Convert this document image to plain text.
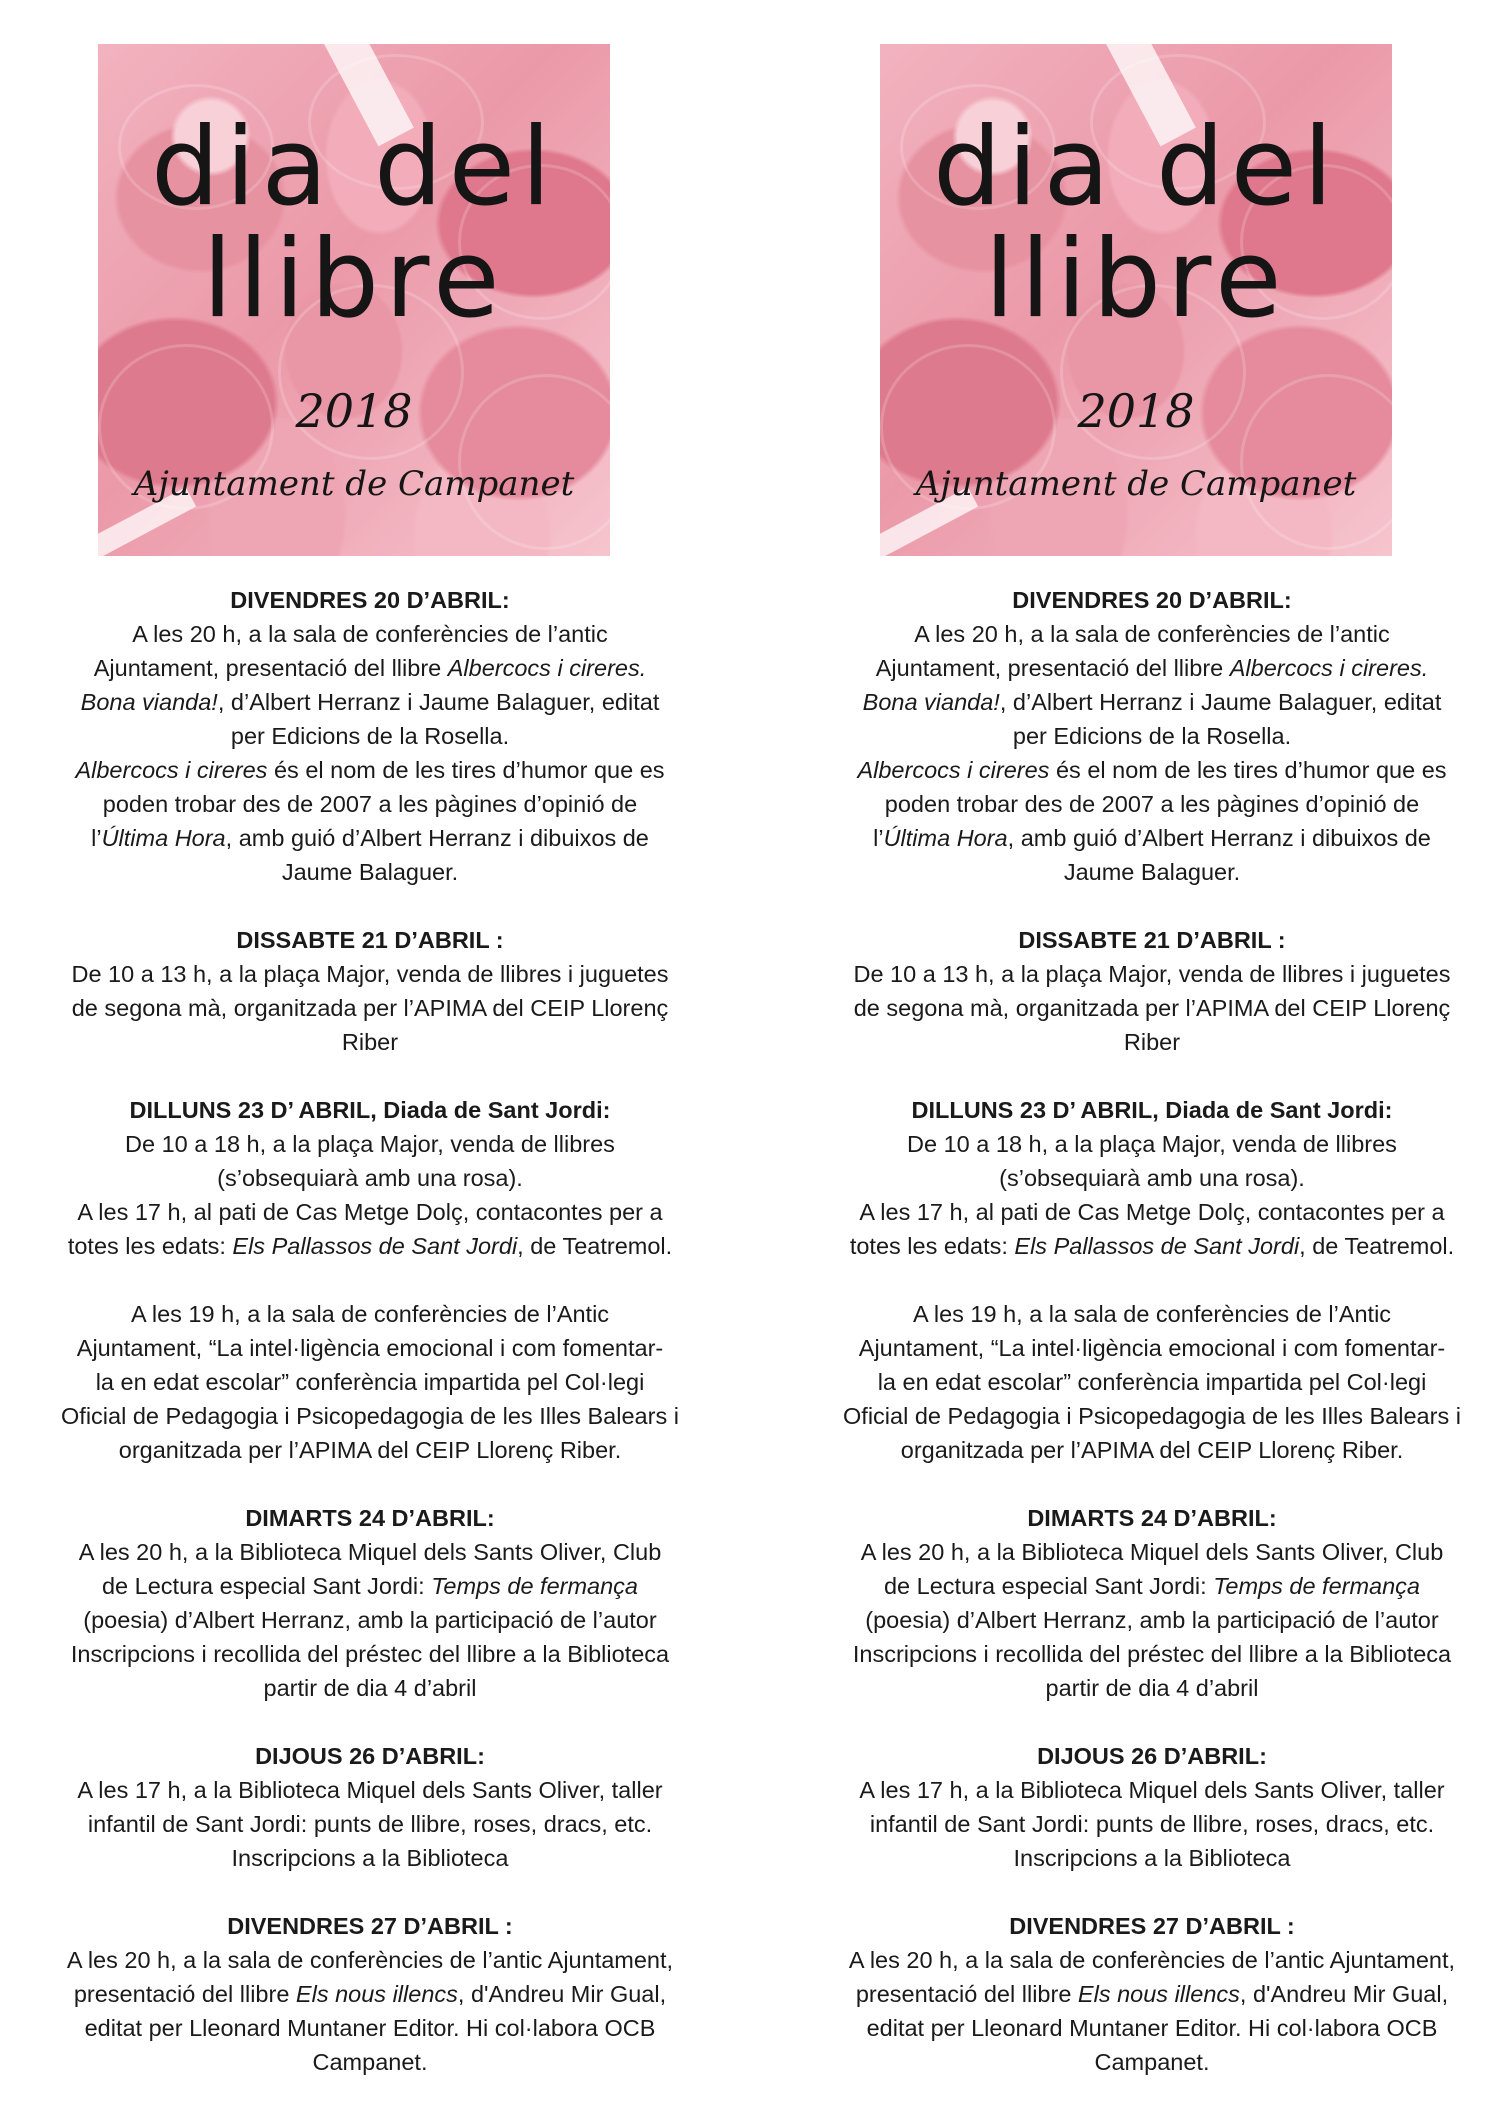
dia del
llibre
2018
Ajuntament de Campanet

DIVENDRES 20 D’ABRIL:

A les 20 h, a la sala de conferències de l’antic

Ajuntament, presentació del llibre Albercocs i cireres.

Bona vianda!, d’Albert Herranz i Jaume Balaguer, editat

per Edicions de la Rosella.

Albercocs i cireres és el nom de les tires d’humor que es

poden trobar des de 2007 a les pàgines d’opinió de

l’Última Hora, amb guió d’Albert Herranz i dibuixos de

Jaume Balaguer.

DISSABTE 21 D’ABRIL :

De 10 a 13 h, a la plaça Major, venda de llibres i juguetes

de segona mà, organitzada per l’APIMA del CEIP Llorenç

Riber

DILLUNS 23 D’ ABRIL, Diada de Sant Jordi:

De 10 a 18 h, a la plaça Major, venda de llibres

(s’obsequiarà amb una rosa).

A les 17 h, al pati de Cas Metge Dolç, contacontes per a

totes les edats: Els Pallassos de Sant Jordi, de Teatremol.

A les 19 h, a la sala de conferències de l’Antic

Ajuntament, “La intel·ligència emocional i com fomentar-

la en edat escolar” conferència impartida pel Col·legi

Oficial de Pedagogia i Psicopedagogia de les Illes Balears i

organitzada per l’APIMA del CEIP Llorenç Riber.

DIMARTS 24 D’ABRIL:

A les 20 h, a la Biblioteca Miquel dels Sants Oliver, Club

de Lectura especial Sant Jordi: Temps de fermança

(poesia) d’Albert Herranz, amb la participació de l’autor

Inscripcions i recollida del préstec del llibre a la Biblioteca

partir de dia 4 d’abril

DIJOUS 26 D’ABRIL:

A les 17 h, a la Biblioteca Miquel dels Sants Oliver, taller

infantil de Sant Jordi: punts de llibre, roses, dracs, etc.

Inscripcions a la Biblioteca

DIVENDRES 27 D’ABRIL :

A les 20 h, a la sala de conferències de l’antic Ajuntament,

presentació del llibre Els nous illencs, d'Andreu Mir Gual,

editat per Lleonard Muntaner Editor. Hi col·labora OCB

Campanet.

dia del
llibre
2018
Ajuntament de Campanet

DIVENDRES 20 D’ABRIL:

A les 20 h, a la sala de conferències de l’antic

Ajuntament, presentació del llibre Albercocs i cireres.

Bona vianda!, d’Albert Herranz i Jaume Balaguer, editat

per Edicions de la Rosella.

Albercocs i cireres és el nom de les tires d’humor que es

poden trobar des de 2007 a les pàgines d’opinió de

l’Última Hora, amb guió d’Albert Herranz i dibuixos de

Jaume Balaguer.

DISSABTE 21 D’ABRIL :

De 10 a 13 h, a la plaça Major, venda de llibres i juguetes

de segona mà, organitzada per l’APIMA del CEIP Llorenç

Riber

DILLUNS 23 D’ ABRIL, Diada de Sant Jordi:

De 10 a 18 h, a la plaça Major, venda de llibres

(s’obsequiarà amb una rosa).

A les 17 h, al pati de Cas Metge Dolç, contacontes per a

totes les edats: Els Pallassos de Sant Jordi, de Teatremol.

A les 19 h, a la sala de conferències de l’Antic

Ajuntament, “La intel·ligència emocional i com fomentar-

la en edat escolar” conferència impartida pel Col·legi

Oficial de Pedagogia i Psicopedagogia de les Illes Balears i

organitzada per l’APIMA del CEIP Llorenç Riber.

DIMARTS 24 D’ABRIL:

A les 20 h, a la Biblioteca Miquel dels Sants Oliver, Club

de Lectura especial Sant Jordi: Temps de fermança

(poesia) d’Albert Herranz, amb la participació de l’autor

Inscripcions i recollida del préstec del llibre a la Biblioteca

partir de dia 4 d’abril

DIJOUS 26 D’ABRIL:

A les 17 h, a la Biblioteca Miquel dels Sants Oliver, taller

infantil de Sant Jordi: punts de llibre, roses, dracs, etc.

Inscripcions a la Biblioteca

DIVENDRES 27 D’ABRIL :

A les 20 h, a la sala de conferències de l’antic Ajuntament,

presentació del llibre Els nous illencs, d'Andreu Mir Gual,

editat per Lleonard Muntaner Editor. Hi col·labora OCB

Campanet.
